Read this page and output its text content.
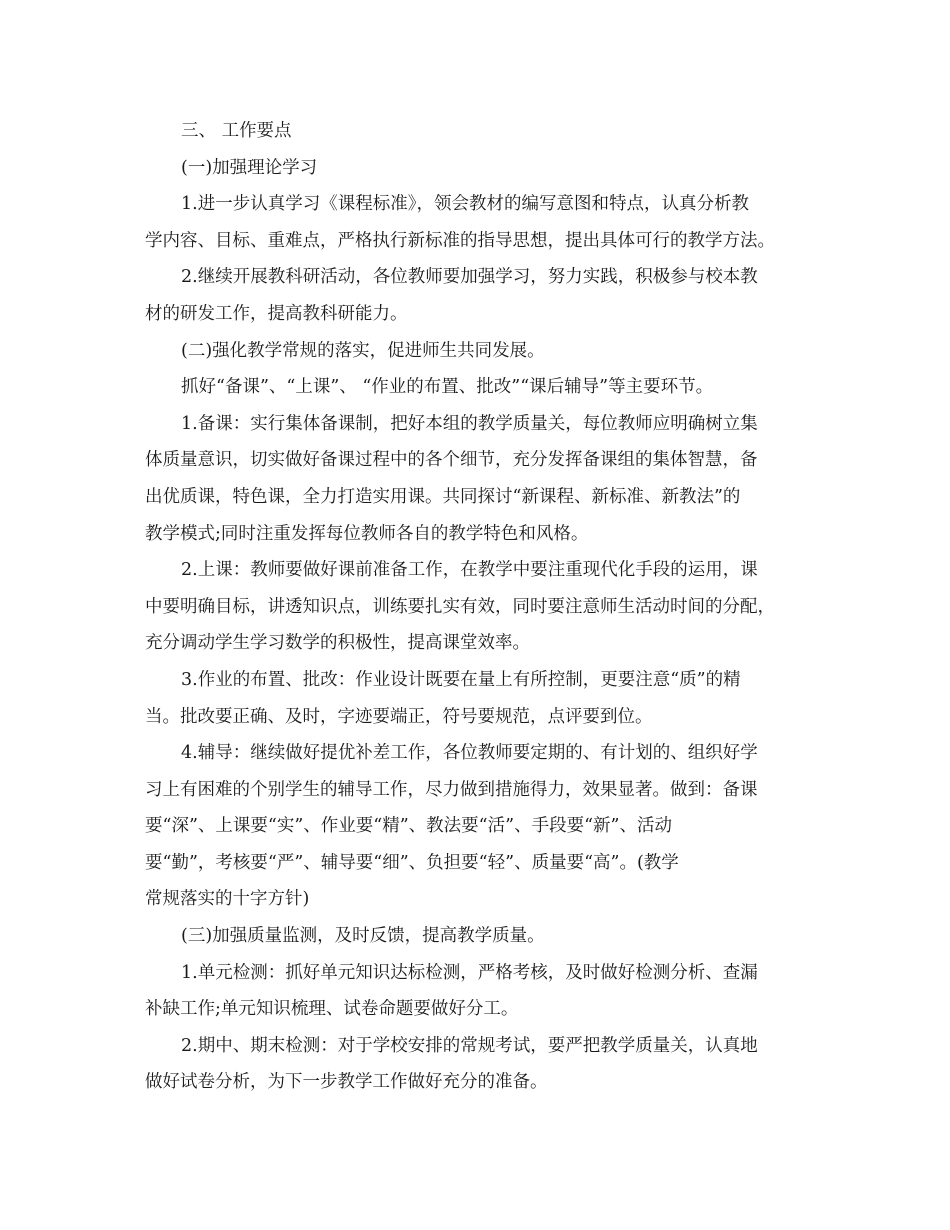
三、 工作要点
(一)加强理论学习
1.进一步认真学习《课程标准》，领会教材的编写意图和特点，认真分析教
学内容、目标、重难点，严格执行新标准的指导思想，提出具体可行的教学方法。
2.继续开展教科研活动，各位教师要加强学习，努力实践，积极参与校本教
材的研发工作，提高教科研能力。
(二)强化教学常规的落实，促进师生共同发展。
抓好“备课”、“上课”、 “作业的布置、批改”“课后辅导”等主要环节。
1.备课：实行集体备课制，把好本组的教学质量关，每位教师应明确树立集
体质量意识，切实做好备课过程中的各个细节，充分发挥备课组的集体智慧，备
出优质课，特色课，全力打造实用课。共同探讨“新课程、新标准、新教法”的
教学模式;同时注重发挥每位教师各自的教学特色和风格。
2.上课：教师要做好课前准备工作，在教学中要注重现代化手段的运用，课
中要明确目标，讲透知识点，训练要扎实有效，同时要注意师生活动时间的分配，
充分调动学生学习数学的积极性，提高课堂效率。
3.作业的布置、批改：作业设计既要在量上有所控制，更要注意“质”的精
当。批改要正确、及时，字迹要端正，符号要规范，点评要到位。
4.辅导：继续做好提优补差工作，各位教师要定期的、有计划的、组织好学
习上有困难的个别学生的辅导工作，尽力做到措施得力，效果显著。做到：备课
要“深”、上课要“实”、作业要“精”、教法要“活”、手段要“新”、活动
要“勤”，考核要“严”、辅导要“细”、负担要“轻”、质量要“高”。(教学
常规落实的十字方针)
(三)加强质量监测，及时反馈，提高教学质量。
1.单元检测：抓好单元知识达标检测，严格考核，及时做好检测分析、查漏
补缺工作;单元知识梳理、试卷命题要做好分工。
2.期中、期末检测：对于学校安排的常规考试，要严把教学质量关，认真地
做好试卷分析，为下一步教学工作做好充分的准备。
